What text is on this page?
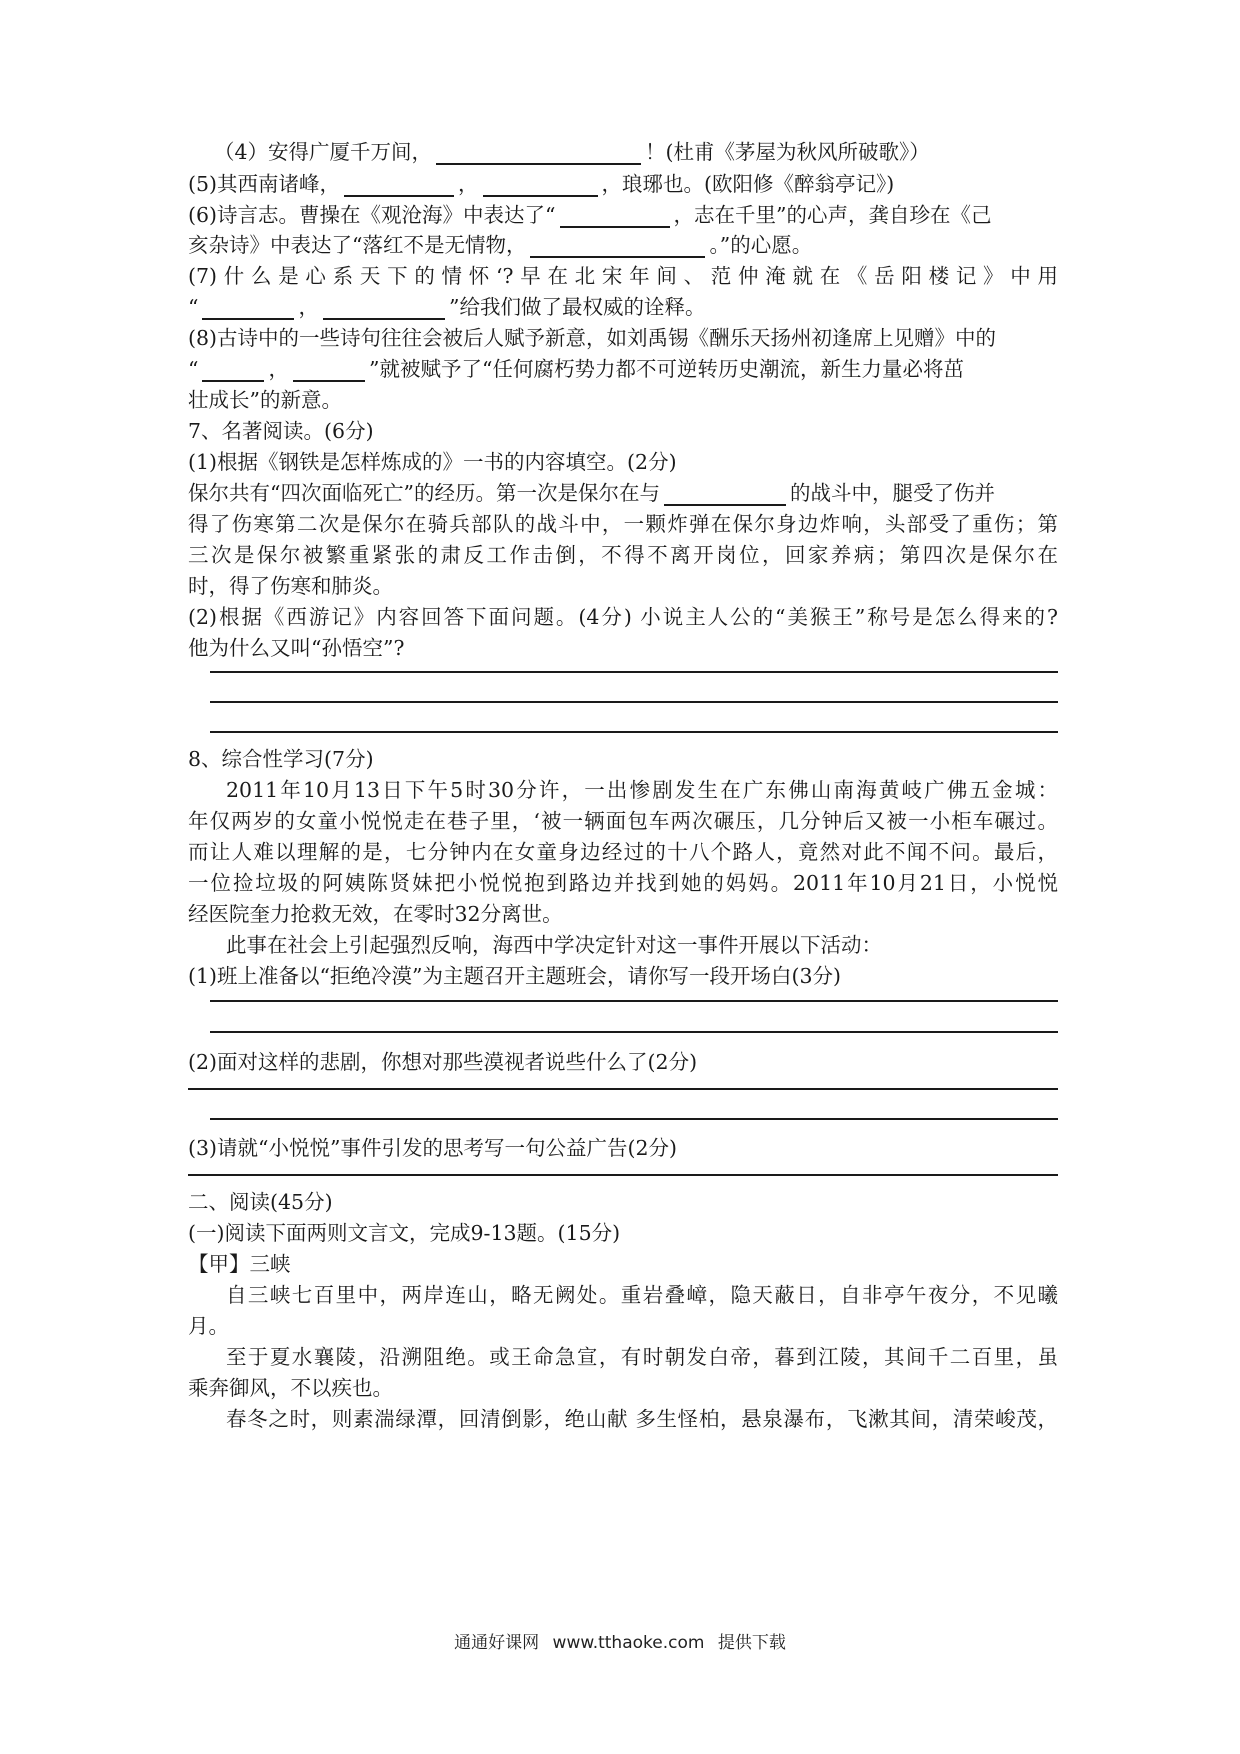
（4）安得广厦千万间，	！(杜甫《茅屋为秋风所破歌》）
(5)其西南诸峰，	，	，琅琊也。(欧阳修《醉翁亭记》)
(6)诗言志。曹操在《观沧海》中表达了“	，志在千里”的心声，龚自珍在《己
亥杂诗》中表达了“落红不是无情物，	。”的心愿。
(7)什么是心系天下的情怀‘?早在北宋年间、范仲淹就在《岳阳楼记》中用
“	，	”给我们做了最权威的诠释。
(8)古诗中的一些诗句往往会被后人赋予新意，如刘禹锡《酬乐天扬州初逢席上见赠》中的
“	，	”就被赋予了“任何腐朽势力都不可逆转历史潮流，新生力量必将茁
壮成长”的新意。
7、名著阅读。(6分)
(1)根据《钢铁是怎样炼成的》一书的内容填空。(2分)
保尔共有“四次面临死亡”的经历。第一次是保尔在与	的战斗中，腿受了伤并
得了伤寒第二次是保尔在骑兵部队的战斗中，一颗炸弹在保尔身边炸响，头部受了重伤；第
三次是保尔被繁重紧张的肃反工作击倒，不得不离开岗位，回家养病；第四次是保尔在
时，得了伤寒和肺炎。
(2)根据《西游记》内容回答下面问题。(4分) 小说主人公的“美猴王”称号是怎么得来的?
他为什么又叫“孙悟空”?
8、综合性学习(7分)
2011年10月13日下午5时30分许，一出惨剧发生在广东佛山南海黄岐广佛五金城：
年仅两岁的女童小悦悦走在巷子里，‘被一辆面包车两次碾压，几分钟后又被一小柜车碾过。
而让人难以理解的是，七分钟内在女童身边经过的十八个路人，竟然对此不闻不问。最后，
一位捡垃圾的阿姨陈贤妹把小悦悦抱到路边并找到她的妈妈。2011年10月21日，小悦悦
经医院奎力抢救无效，在零时32分离世。
此事在社会上引起强烈反响，海西中学决定针对这一事件开展以下活动：
(1)班上准备以“拒绝冷漠”为主题召开主题班会，请你写一段开场白(3分)
(2)面对这样的悲剧，你想对那些漠视者说些什么了(2分)
(3)请就“小悦悦”事件引发的思考写一句公益广告(2分)
二、阅读(45分)
(一)阅读下面两则文言文，完成9-13题。(15分)
【甲】三峡
自三峡七百里中，两岸连山，略无阙处。重岩叠嶂，隐天蔽日，自非亭午夜分，不见曦
月。
至于夏水襄陵，沿溯阻绝。或王命急宣，有时朝发白帝，暮到江陵，其间千二百里，虽
乘奔御风，不以疾也。
春冬之时，则素湍绿潭，回清倒影，绝山献 多生怪柏，悬泉瀑布，飞漱其间，清荣峻茂，
通通好课网 www.tthaoke.com 提供下载
